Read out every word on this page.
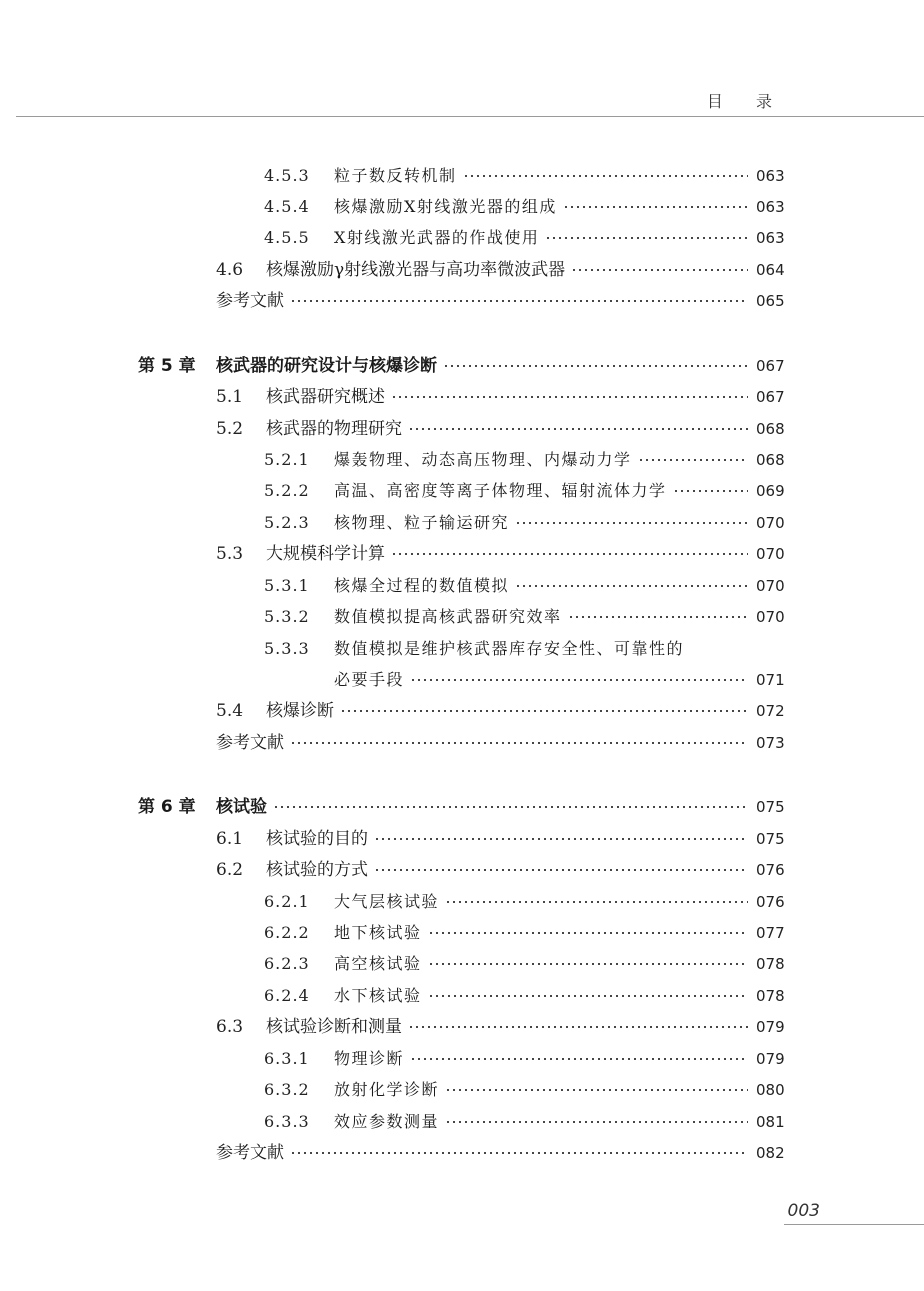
目 录
4.5.3	粒子数反转机制	063
4.5.4	核爆激励X射线激光器的组成	063
4.5.5	X射线激光武器的作战使用	063
4.6	核爆激励γ射线激光器与高功率微波武器	064
参考文献	065
第 5 章	核武器的研究设计与核爆诊断	067
5.1	核武器研究概述	067
5.2	核武器的物理研究	068
5.2.1	爆轰物理、动态高压物理、内爆动力学	068
5.2.2	高温、高密度等离子体物理、辐射流体力学	069
5.2.3	核物理、粒子输运研究	070
5.3	大规模科学计算	070
5.3.1	核爆全过程的数值模拟	070
5.3.2	数值模拟提高核武器研究效率	070
5.3.3	数值模拟是维护核武器库存安全性、可靠性的
必要手段	071
5.4	核爆诊断	072
参考文献	073
第 6 章	核试验	075
6.1	核试验的目的	075
6.2	核试验的方式	076
6.2.1	大气层核试验	076
6.2.2	地下核试验	077
6.2.3	高空核试验	078
6.2.4	水下核试验	078
6.3	核试验诊断和测量	079
6.3.1	物理诊断	079
6.3.2	放射化学诊断	080
6.3.3	效应参数测量	081
参考文献	082
003
